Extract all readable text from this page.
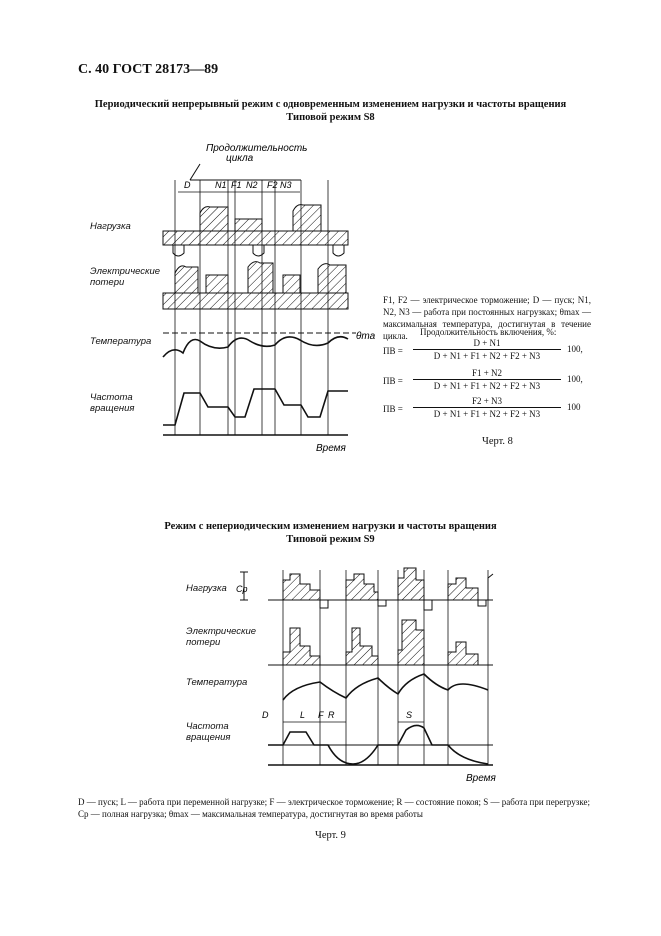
С. 40 ГОСТ 28173—89
Периодический непрерывный режим с одновременным изменением нагрузки и частоты вращения
Типовой режим S8
Продолжительность
цикла
D	N1 F1 N2 F2 N3
θта
Время
Нагрузка
Электрические
потери
Температура
Частота
вращения
F1, F2 — электрическое торможение; D — пуск; N1, N2, N3 — работа при постоянных нагрузках; θmax — максимальная температура, достигнутая в течение цикла.	Продолжительность включения, %:
ПВ =
D + N1
D + N1 + F1 + N2 + F2 + N3
100,
ПВ =
F1 + N2
D + N1 + F1 + N2 + F2 + N3
100,
ПВ =
F2 + N3
D + N1 + F1 + N2 + F2 + N3
100
Черт. 8
Режим с непериодическим изменением нагрузки и частоты вращения
Типовой режим S9
Cp
D	L F R	S
Время
Нагрузка
Электрические
потери
Температура
Частота
вращения
D — пуск; L — работа при переменной нагрузке; F — электрическое торможение; R — состояние покоя; S — работа при перегрузке; Cp — полная нагрузка; θmax — максимальная температура, достигнутая во время работы
Черт. 9
